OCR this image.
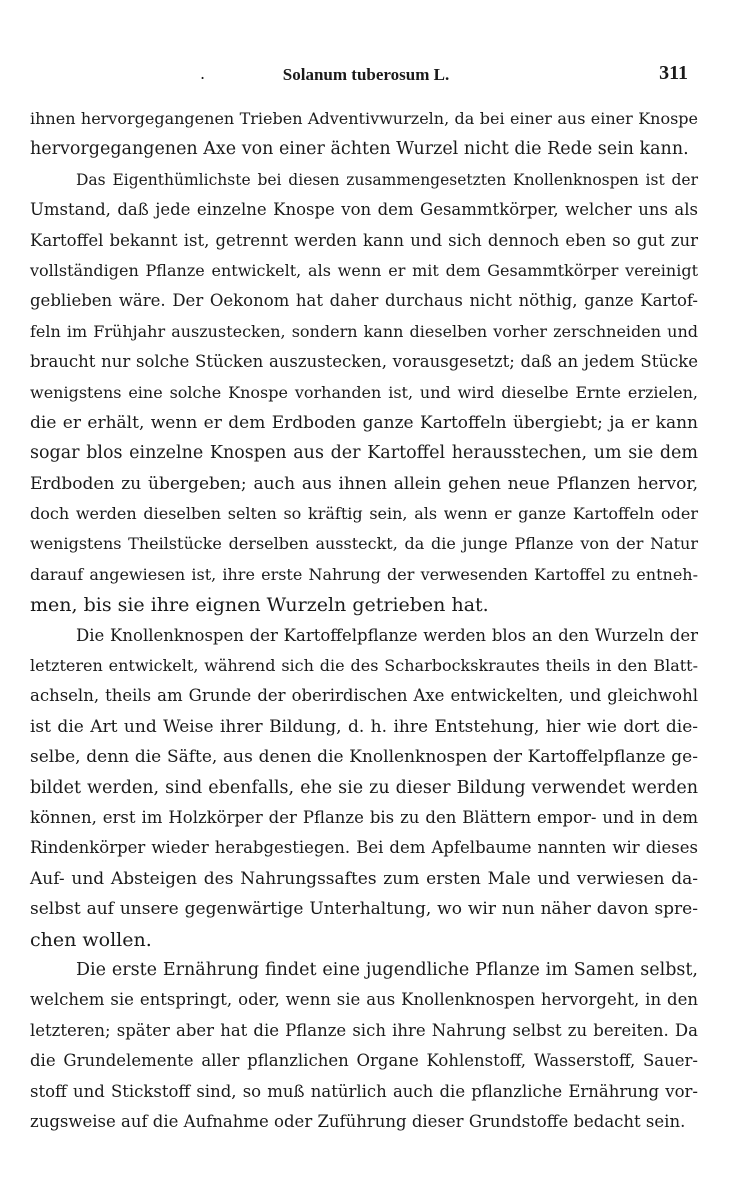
.	Solanum tuberosum L.	311
ihnen hervorgegangenen Trieben Adventivwurzeln, da bei einer aus einer Knospe
hervorgegangenen Axe von einer ächten Wurzel nicht die Rede sein kann.
Das Eigenthümlichste bei diesen zusammengesetzten Knollenknospen ist der
Umstand, daß jede einzelne Knospe von dem Gesammtkörper, welcher uns als
Kartoffel bekannt ist, getrennt werden kann und sich dennoch eben so gut zur
vollständigen Pflanze entwickelt, als wenn er mit dem Gesammtkörper vereinigt
geblieben wäre. Der Oekonom hat daher durchaus nicht nöthig, ganze Kartof-
feln im Frühjahr auszustecken, sondern kann dieselben vorher zerschneiden und
braucht nur solche Stücken auszustecken, vorausgesetzt; daß an jedem Stücke
wenigstens eine solche Knospe vorhanden ist, und wird dieselbe Ernte erzielen,
die er erhält, wenn er dem Erdboden ganze Kartoffeln übergiebt; ja er kann
sogar blos einzelne Knospen aus der Kartoffel herausstechen, um sie dem
Erdboden zu übergeben; auch aus ihnen allein gehen neue Pflanzen hervor,
doch werden dieselben selten so kräftig sein, als wenn er ganze Kartoffeln oder
wenigstens Theilstücke derselben aussteckt, da die junge Pflanze von der Natur
darauf angewiesen ist, ihre erste Nahrung der verwesenden Kartoffel zu entneh-
men, bis sie ihre eignen Wurzeln getrieben hat.
Die Knollenknospen der Kartoffelpflanze werden blos an den Wurzeln der
letzteren entwickelt, während sich die des Scharbockskrautes theils in den Blatt-
achseln, theils am Grunde der oberirdischen Axe entwickelten, und gleichwohl
ist die Art und Weise ihrer Bildung, d. h. ihre Entstehung, hier wie dort die-
selbe, denn die Säfte, aus denen die Knollenknospen der Kartoffelpflanze ge-
bildet werden, sind ebenfalls, ehe sie zu dieser Bildung verwendet werden
können, erst im Holzkörper der Pflanze bis zu den Blättern empor- und in dem
Rindenkörper wieder herabgestiegen. Bei dem Apfelbaume nannten wir dieses
Auf- und Absteigen des Nahrungssaftes zum ersten Male und verwiesen da-
selbst auf unsere gegenwärtige Unterhaltung, wo wir nun näher davon spre-
chen wollen.
Die erste Ernährung findet eine jugendliche Pflanze im Samen selbst,
welchem sie entspringt, oder, wenn sie aus Knollenknospen hervorgeht, in den
letzteren; später aber hat die Pflanze sich ihre Nahrung selbst zu bereiten. Da
die Grundelemente aller pflanzlichen Organe Kohlenstoff, Wasserstoff, Sauer-
stoff und Stickstoff sind, so muß natürlich auch die pflanzliche Ernährung vor-
zugsweise auf die Aufnahme oder Zuführung dieser Grundstoffe bedacht sein.
